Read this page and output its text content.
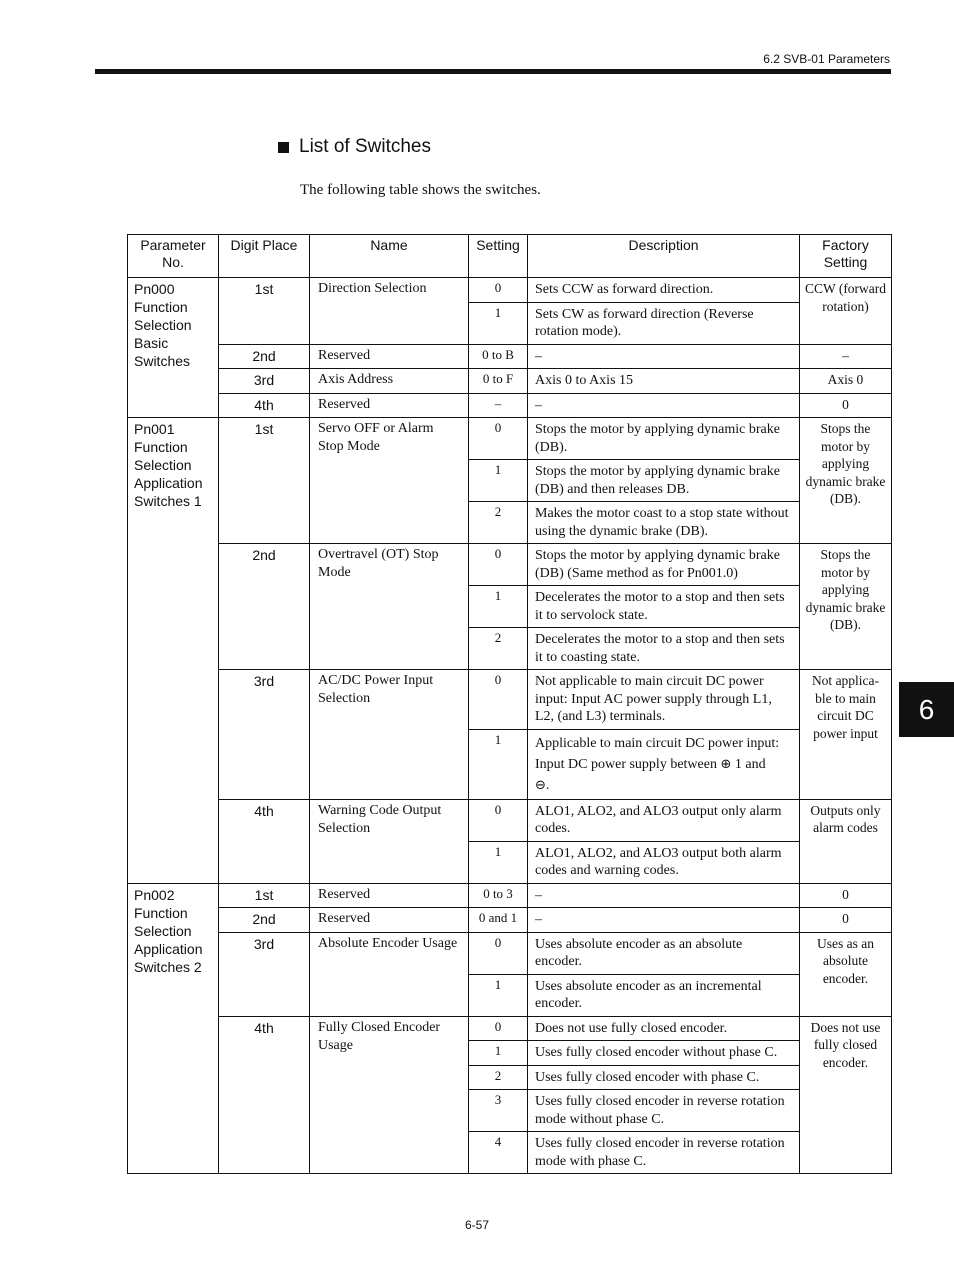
6.2 SVB-01 Parameters
List of Switches
The following table shows the switches.
Parameter No.	Digit Place	Name	Setting	Description	Factory Setting
Pn000 Function Selection Basic Switches	1st	Direction Selection	0	Sets CCW as forward direction.	CCW (forward rotation)
			1	Sets CW as forward direction (Reverse rotation mode).	
	2nd	Reserved	0 to B	–	–
	3rd	Axis Address	0 to F	Axis 0 to Axis 15	Axis 0
	4th	Reserved	–	–	0
Pn001 Function Selection Application Switches 1	1st	Servo OFF or Alarm Stop Mode	0	Stops the motor by applying dynamic brake (DB).	Stops the motor by applying dynamic brake (DB).
			1	Stops the motor by applying dynamic brake (DB) and then releases DB.	
			2	Makes the motor coast to a stop state without using the dynamic brake (DB).	
	2nd	Overtravel (OT) Stop Mode	0	Stops the motor by applying dynamic brake (DB) (Same method as for Pn001.0)	Stops the motor by applying dynamic brake (DB).
			1	Decelerates the motor to a stop and then sets it to servolock state.	
			2	Decelerates the motor to a stop and then sets it to coasting state.	
	3rd	AC/DC Power Input Selection	0	Not applicable to main circuit DC power input: Input AC power supply through L1, L2, (and L3) terminals.	Not applica- ble to main circuit DC power input
			1	Applicable to main circuit DC power input: Input DC power supply between ⊕ 1 and
⊖.	
	4th	Warning Code Output Selection	0	ALO1, ALO2, and ALO3 output only alarm codes.	Outputs only alarm codes
			1	ALO1, ALO2, and ALO3 output both alarm codes and warning codes.	
Pn002 Function Selection Application Switches 2	1st	Reserved	0 to 3	–	0
	2nd	Reserved	0 and 1	–	0
	3rd	Absolute Encoder Usage	0	Uses absolute encoder as an absolute encoder.	Uses as an absolute encoder.
			1	Uses absolute encoder as an incremental encoder.	
	4th	Fully Closed Encoder Usage	0	Does not use fully closed encoder.	Does not use fully closed encoder.
			1	Uses fully closed encoder without phase C.	
			2	Uses fully closed encoder with phase C.	
			3	Uses fully closed encoder in reverse rotation mode without phase C.	
			4	Uses fully closed encoder in reverse rotation mode with phase C.	
6
6-57
